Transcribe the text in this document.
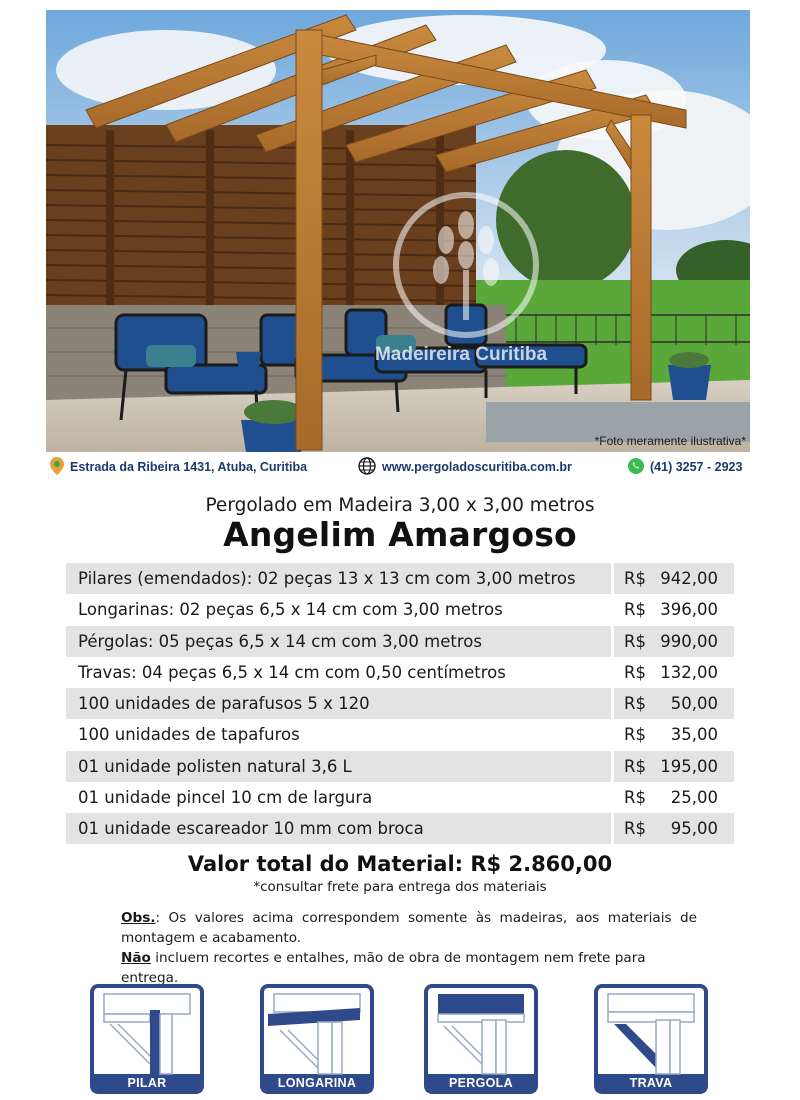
Madeireira Curitiba
*Foto meramente ilustrativa*
Estrada da Ribeira 1431, Atuba, Curitiba	www.pergoladoscuritiba.com.br	(41) 3257 - 2923
Pergolado em Madeira 3,00 x 3,00 metros
Angelim Amargoso
Pilares (emendados): 02 peças 13 x 13 cm com 3,00 metros	R$ 942,00
Longarinas: 02 peças 6,5 x 14 cm com 3,00 metros	R$ 396,00
Pérgolas: 05 peças 6,5 x 14 cm com 3,00 metros	R$ 990,00
Travas: 04 peças 6,5 x 14 cm com 0,50 centímetros	R$ 132,00
100 unidades de parafusos 5 x 120	R$	50,00
100 unidades de tapafuros	R$	35,00
01 unidade polisten natural 3,6 L	R$ 195,00
01 unidade pincel 10 cm de largura	R$	25,00
01 unidade escareador 10 mm com broca	R$	95,00
Valor total do Material: R$ 2.860,00
*consultar frete para entrega dos materiais

Obs.: Os valores acima correspondem somente às madeiras, aos materiais de montagem e acabamento.

Não incluem recortes e entalhes, mão de obra de montagem nem frete para entrega.

PILAR	LONGARINA	PERGOLA	TRAVA
